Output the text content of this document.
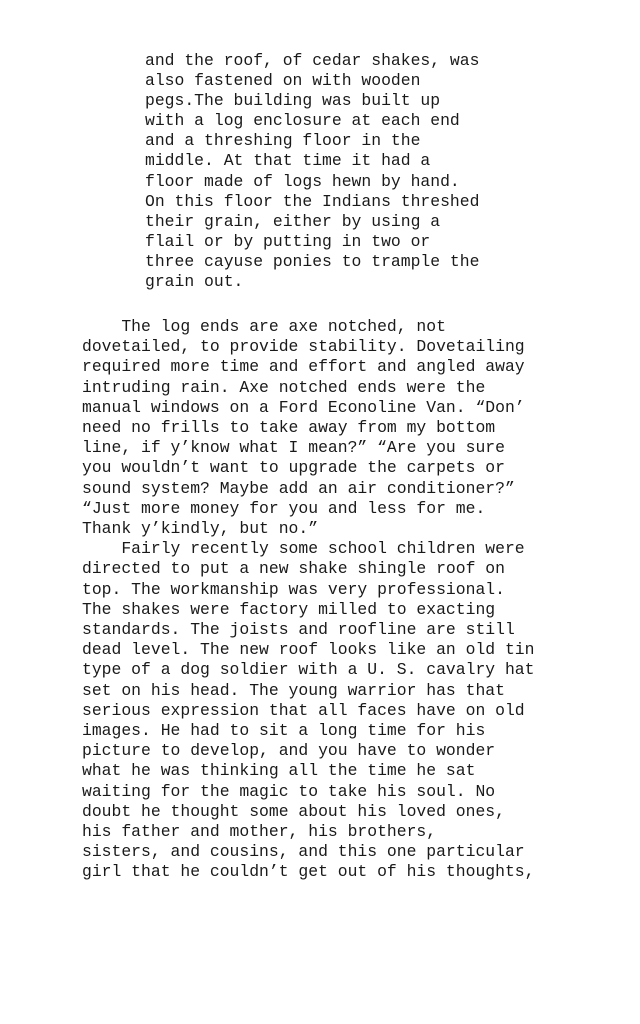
and the roof, of cedar shakes, was
also fastened on with wooden
pegs.The building was built up
with a log enclosure at each end
and a threshing floor in the
middle. At that time it had a
floor made of logs hewn by hand.
On this floor the Indians threshed
their grain, either by using a
flail or by putting in two or
three cayuse ponies to trample the
grain out.
The log ends are axe notched, not
dovetailed, to provide stability. Dovetailing
required more time and effort and angled away
intruding rain. Axe notched ends were the
manual windows on a Ford Econoline Van. “Don’
need no frills to take away from my bottom
line, if y’know what I mean?” “Are you sure
you wouldn’t want to upgrade the carpets or
sound system? Maybe add an air conditioner?”
“Just more money for you and less for me.
Thank y’kindly, but no.”
Fairly recently some school children were
directed to put a new shake shingle roof on
top. The workmanship was very professional.
The shakes were factory milled to exacting
standards. The joists and roofline are still
dead level. The new roof looks like an old tin
type of a dog soldier with a U. S. cavalry hat
set on his head. The young warrior has that
serious expression that all faces have on old
images. He had to sit a long time for his
picture to develop, and you have to wonder
what he was thinking all the time he sat
waiting for the magic to take his soul. No
doubt he thought some about his loved ones,
his father and mother, his brothers,
sisters, and cousins, and this one particular
girl that he couldn’t get out of his thoughts,
